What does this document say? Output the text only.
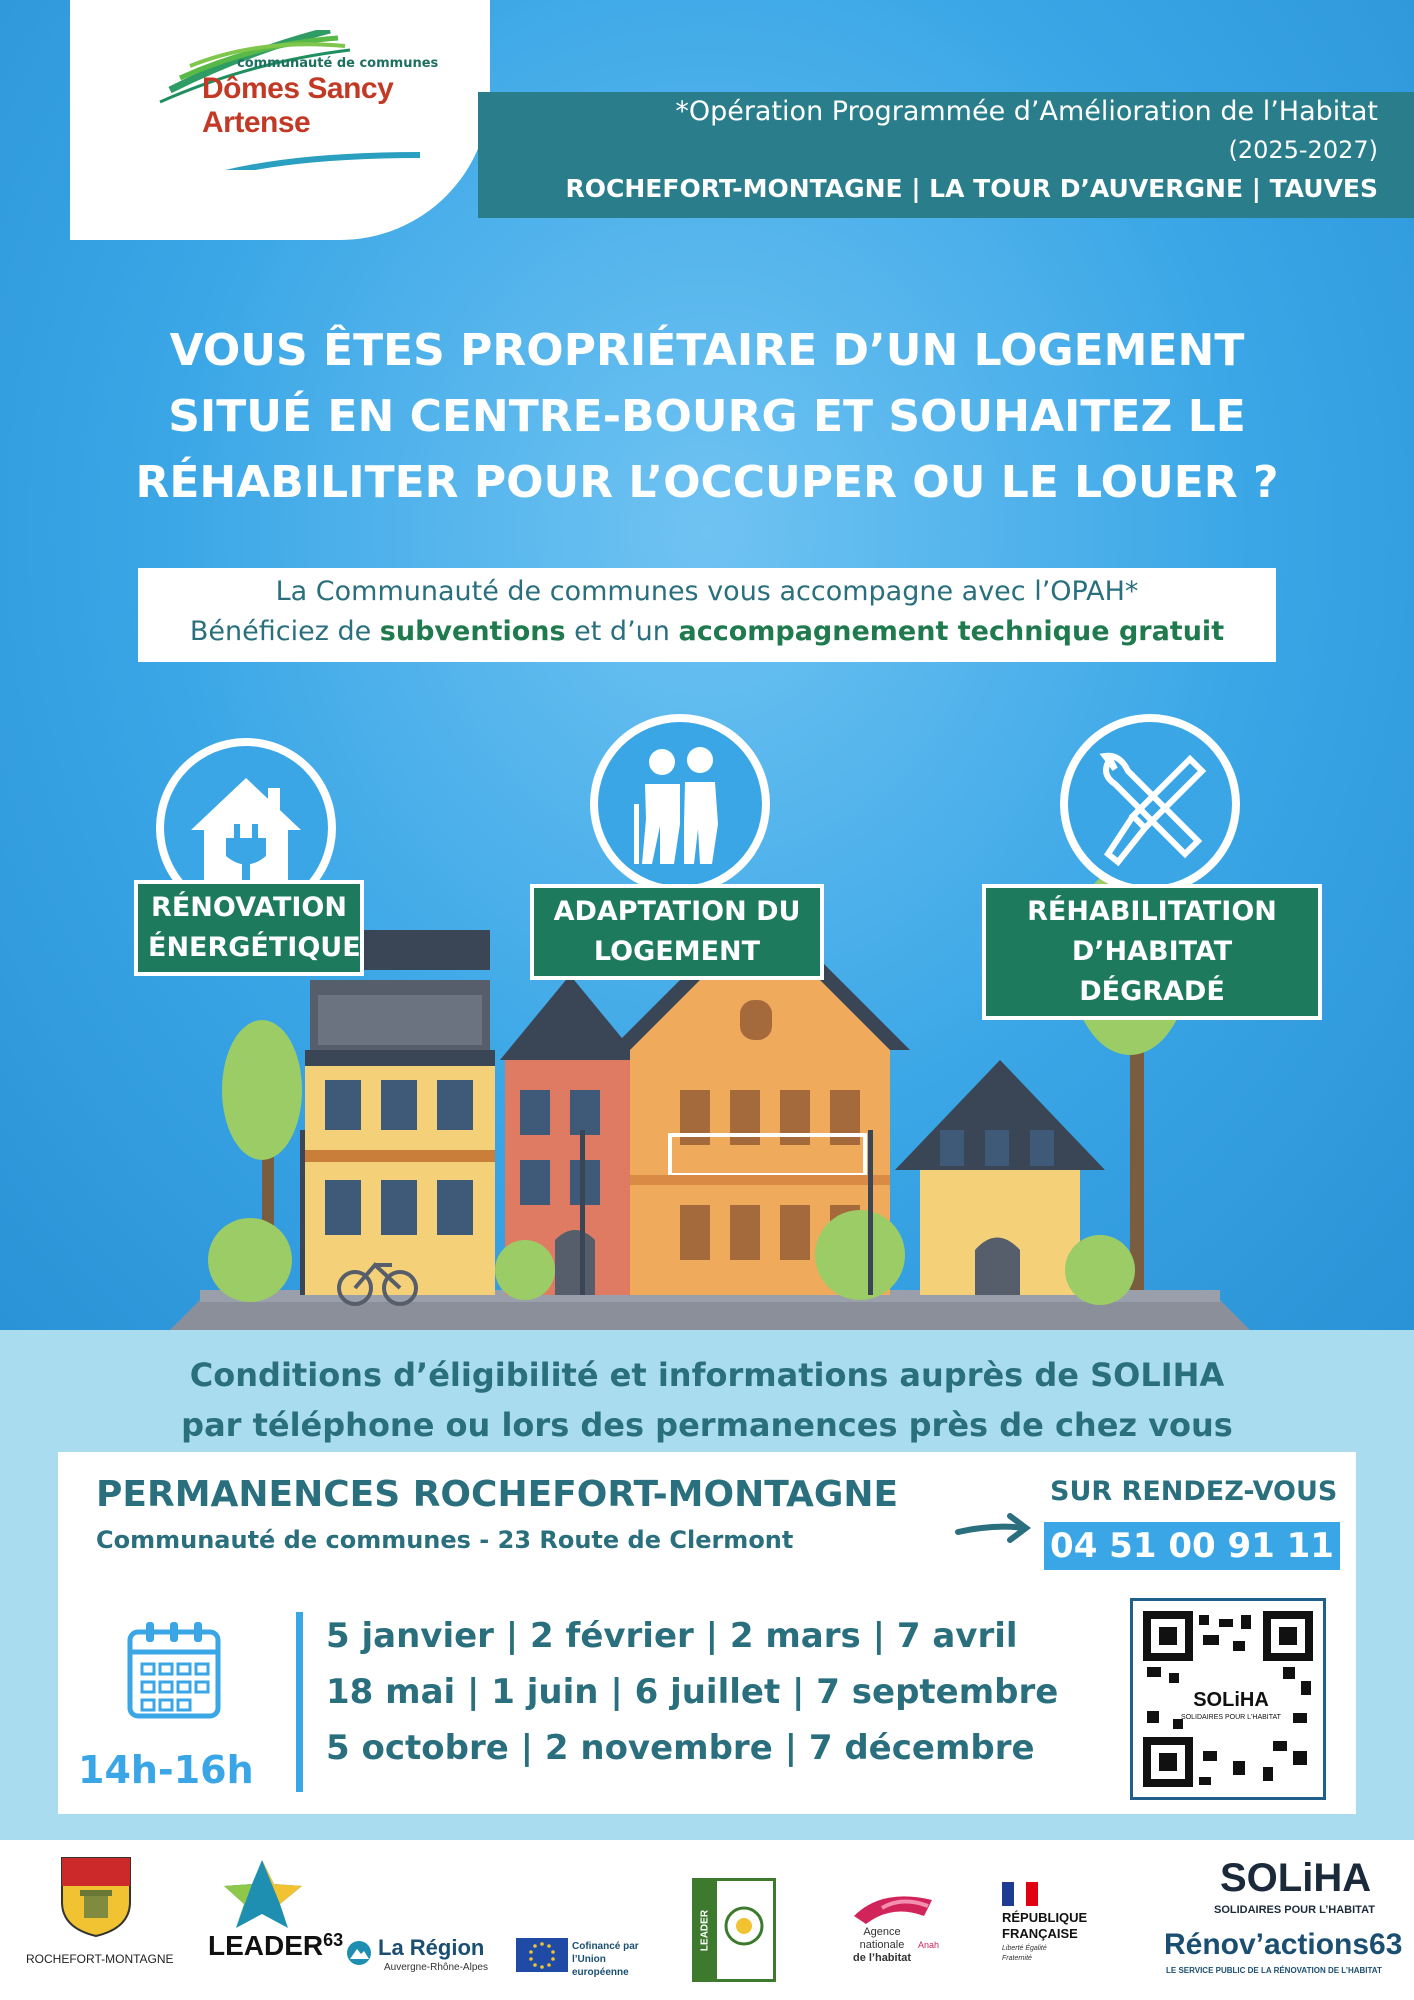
communauté de communes
Dômes Sancy Artense	*Opération Programmée d’Amélioration de l’Habitat
(2025-2027)
ROCHEFORT-MONTAGNE | LA TOUR D’AUVERGNE | TAUVES
VOUS ÊTES PROPRIÉTAIRE D’UN LOGEMENT
SITUÉ EN CENTRE-BOURG ET SOUHAITEZ LE
RÉHABILITER POUR L’OCCUPER OU LE LOUER ?
La Communauté de communes vous accompagne avec l’OPAH*
Bénéficiez de subventions et d’un accompagnement technique gratuit
RÉNOVATION
ÉNERGÉTIQUE
ADAPTATION DU
LOGEMENT
RÉHABILITATION
D’HABITAT DÉGRADÉ
Conditions d’éligibilité et informations auprès de SOLIHA
par téléphone ou lors des permanences près de chez vous
PERMANENCES ROCHEFORT-MONTAGNE
Communauté de communes - 23 Route de Clermont
SUR RENDEZ-VOUS
04 51 00 91 11
14h-16h
5 janvier | 2 février | 2 mars | 7 avril
18 mai | 1 juin | 6 juillet | 7 septembre
5 octobre | 2 novembre | 7 décembre
SOLiHA
SOLIDAIRES POUR L'HABITAT
ROCHEFORT-MONTAGNE LEADER$^{63}$ La Région
Auvergne-Rhône-Alpes
Cofinancé par l’Union européenne
LEADER	Agence
nationale
de l’habitat
Anah
RÉPUBLIQUE
FRANÇAISE
Liberté Égalité Fraternité
SOLiHA
SOLIDAIRES POUR L’HABITAT
Rénov’actions63
LE SERVICE PUBLIC DE LA RÉNOVATION DE L’HABITAT
